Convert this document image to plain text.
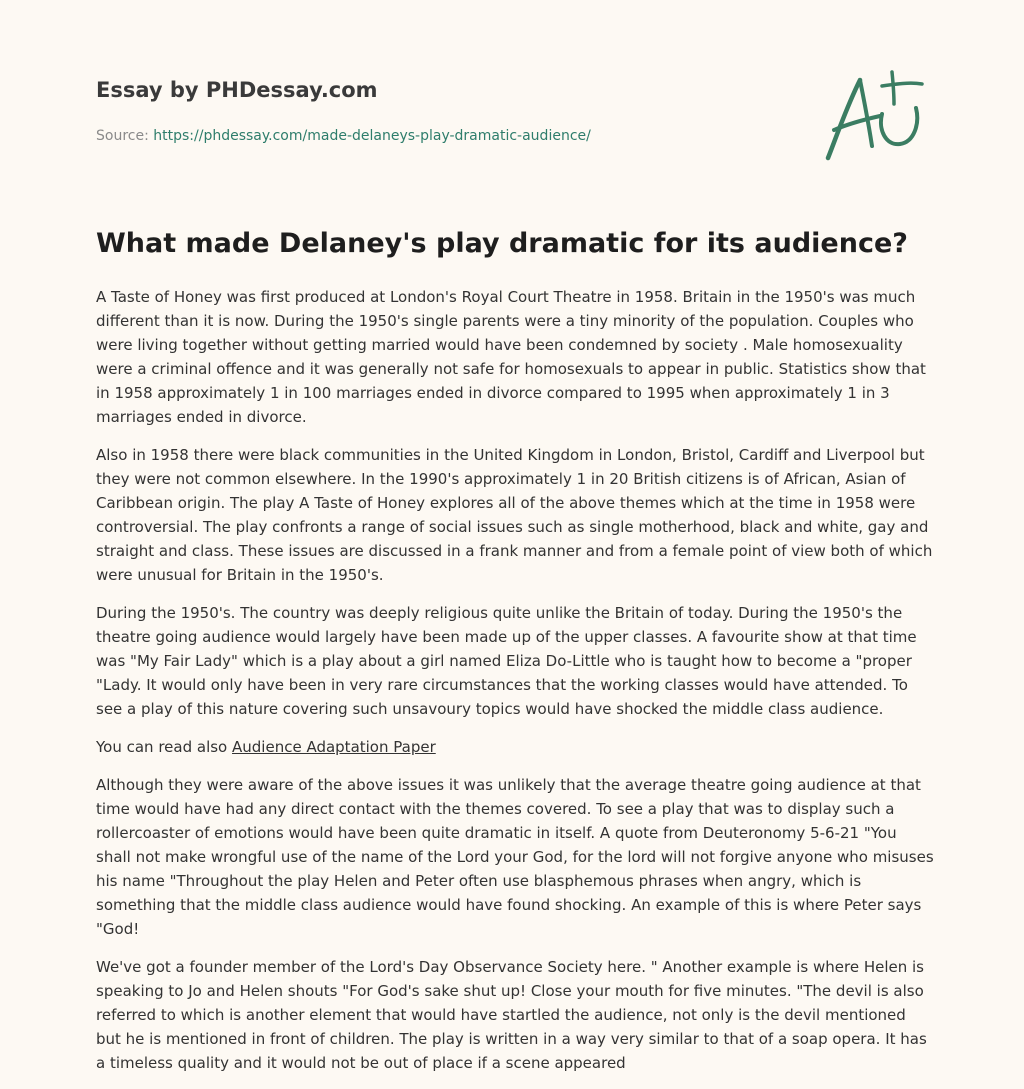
Essay by PHDessay.com
Source: https://phdessay.com/made-delaneys-play-dramatic-audience/
What made Delaney's play dramatic for its audience?

A Taste of Honey was first produced at London's Royal Court Theatre in 1958. Britain in the 1950's was much different than it is now. During the 1950's single parents were a tiny minority of the population. Couples who were living together without getting married would have been condemned by society . Male homosexuality were a criminal offence and it was generally not safe for homosexuals to appear in public. Statistics show that in 1958 approximately 1 in 100 marriages ended in divorce compared to 1995 when approximately 1 in 3 marriages ended in divorce.

Also in 1958 there were black communities in the United Kingdom in London, Bristol, Cardiff and Liverpool but they were not common elsewhere. In the 1990's approximately 1 in 20 British citizens is of African, Asian of Caribbean origin. The play A Taste of Honey explores all of the above themes which at the time in 1958 were controversial. The play confronts a range of social issues such as single motherhood, black and white, gay and straight and class. These issues are discussed in a frank manner and from a female point of view both of which were unusual for Britain in the 1950's.

During the 1950's. The country was deeply religious quite unlike the Britain of today. During the 1950's the theatre going audience would largely have been made up of the upper classes. A favourite show at that time was "My Fair Lady" which is a play about a girl named Eliza Do-Little who is taught how to become a "proper "Lady. It would only have been in very rare circumstances that the working classes would have attended. To see a play of this nature covering such unsavoury topics would have shocked the middle class audience.

You can read also Audience Adaptation Paper

Although they were aware of the above issues it was unlikely that the average theatre going audience at that time would have had any direct contact with the themes covered. To see a play that was to display such a rollercoaster of emotions would have been quite dramatic in itself. A quote from Deuteronomy 5-6-21 "You shall not make wrongful use of the name of the Lord your God, for the lord will not forgive anyone who misuses his name "Throughout the play Helen and Peter often use blasphemous phrases when angry, which is something that the middle class audience would have found shocking. An example of this is where Peter says "God!

We've got a founder member of the Lord's Day Observance Society here. " Another example is where Helen is speaking to Jo and Helen shouts "For God's sake shut up! Close your mouth for five minutes. "The devil is also referred to which is another element that would have startled the audience, not only is the devil mentioned but he is mentioned in front of children. The play is written in a way very similar to that of a soap opera. It has a timeless quality and it would not be out of place if a scene appeared
